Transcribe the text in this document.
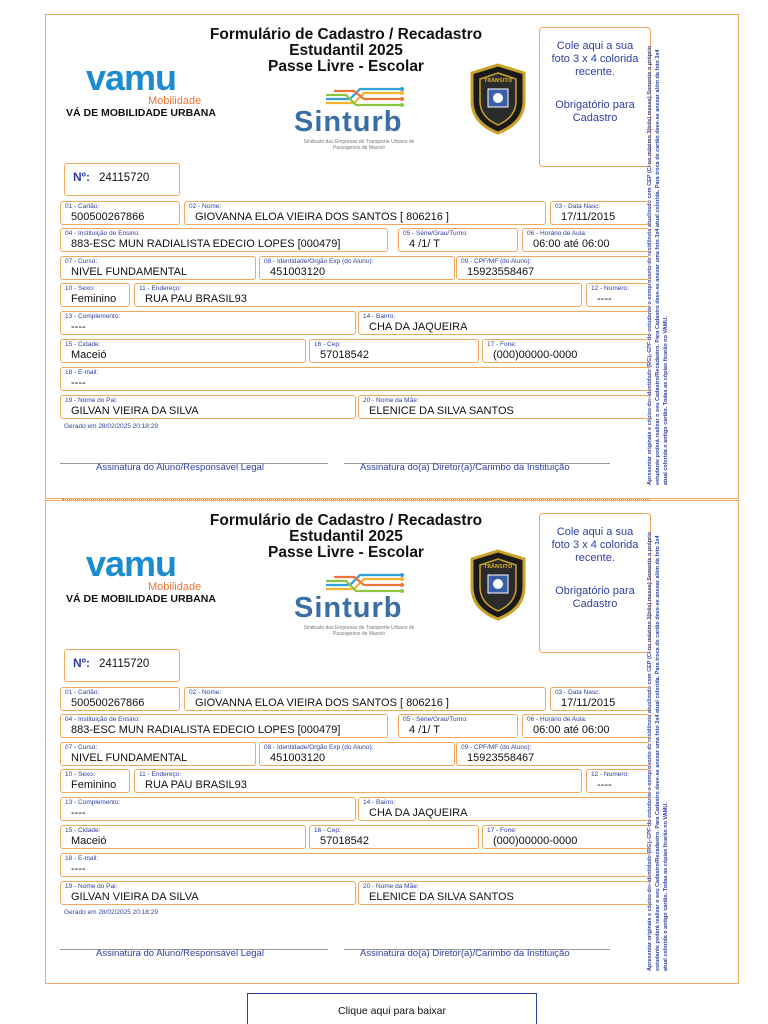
Formulário de Cadastro / Recadastro
Estudantil 2025
Passe Livre - Escolar
vamu
Mobilidade
VÁ DE MOBILIDADE URBANA	Sinturb
Sindicato das Empresas de Transporte Urbano de Passageiros de Maceió
TRÂNSITO
Cole aqui a sua foto 3 x 4 colorida recente.
Obrigatório para Cadastro	Apresentar originais e cópias de: Identidade (RG), CPF do estudante e comprovante de residência atualizado com CEP (C/ no máximo 3(três) meses) Somente o próprio estudante poderá realizar o seu Cadastro/Recadastro. Para Cadastro deve-se anexar uma foto 3x4 atual colorida. Para troca de cartão deve-se anexar além da foto 3x4 atual colorida o antigo cartão. Todas as cópias ficarão no VAMU.
Nº: 24115720
01 - Cartão:
500500267866
02 - Nome:
GIOVANNA ELOA VIEIRA DOS SANTOS [ 806216 ]
03 - Data Nasc:
17/11/2015
04 - Instituição de Ensino:
883-ESC MUN RADIALISTA EDECIO LOPES [000479]
05 - Série/Grau/Turno:
4 /1/ T
06 - Horário de Aula:
06:00 até 06:00
07 - Curso:
NIVEL FUNDAMENTAL
08 - Identidade/Orgão Exp (do Aluno):
451003120
09 - CPF/MF (do Aluno):
15923558467
10 - Sexo:
Feminino
11 - Endereço:
RUA PAU BRASIL93
12 - Numero:
----
13 - Complemento:
----
14 - Bairro:
CHA DA JAQUEIRA
15 - Cidade:
Maceió
16 - Cep:
57018542
17 - Fone:
(000)00000-0000
18 - E-mail:
----
19 - Nome do Pai:
GILVAN VIEIRA DA SILVA
20 - Nome da Mãe:
ELENICE DA SILVA SANTOS
Gerado em 28/02/2025 20:18:29
Assinatura do Aluno/Responsável Legal	Assinatura do(a) Diretor(a)/Carimbo da Instituição
Formulário de Cadastro / Recadastro
Estudantil 2025
Passe Livre - Escolar
vamu
Mobilidade
VÁ DE MOBILIDADE URBANA	Sinturb
Sindicato das Empresas de Transporte Urbano de Passageiros de Maceió
TRÂNSITO
Cole aqui a sua foto 3 x 4 colorida recente.
Obrigatório para Cadastro	Apresentar originais e cópias de: Identidade (RG), CPF do estudante e comprovante de residência atualizado com CEP (C/ no máximo 3(três) meses) Somente o próprio estudante poderá realizar o seu Cadastro/Recadastro. Para Cadastro deve-se anexar uma foto 3x4 atual colorida. Para troca de cartão deve-se anexar além da foto 3x4 atual colorida o antigo cartão. Todas as cópias ficarão no VAMU.
Nº: 24115720
01 - Cartão:
500500267866
02 - Nome:
GIOVANNA ELOA VIEIRA DOS SANTOS [ 806216 ]
03 - Data Nasc:
17/11/2015
04 - Instituição de Ensino:
883-ESC MUN RADIALISTA EDECIO LOPES [000479]
05 - Série/Grau/Turno:
4 /1/ T
06 - Horário de Aula:
06:00 até 06:00
07 - Curso:
NIVEL FUNDAMENTAL
08 - Identidade/Orgão Exp (do Aluno):
451003120
09 - CPF/MF (do Aluno):
15923558467
10 - Sexo:
Feminino
11 - Endereço:
RUA PAU BRASIL93
12 - Numero:
----
13 - Complemento:
----
14 - Bairro:
CHA DA JAQUEIRA
15 - Cidade:
Maceió
16 - Cep:
57018542
17 - Fone:
(000)00000-0000
18 - E-mail:
----
19 - Nome do Pai:
GILVAN VIEIRA DA SILVA
20 - Nome da Mãe:
ELENICE DA SILVA SANTOS
Gerado em 28/02/2025 20:18:29
Assinatura do Aluno/Responsável Legal	Assinatura do(a) Diretor(a)/Carimbo da Instituição
Clique aqui para baixar
